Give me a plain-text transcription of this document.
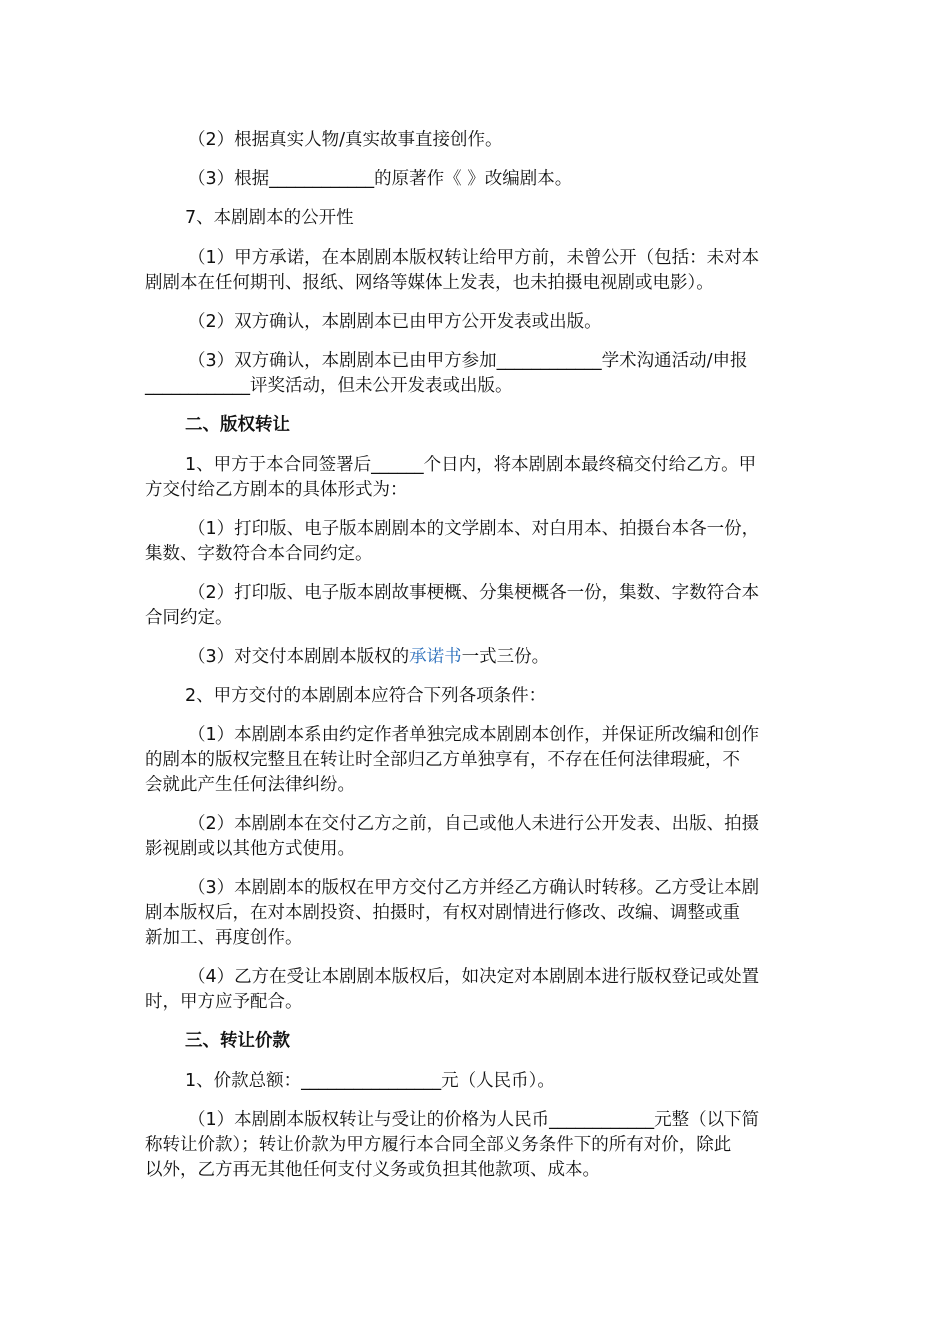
（2）根据真实人物/真实故事直接创作。
（3）根据____________的原著作《 》改编剧本。
7、本剧剧本的公开性
（1）甲方承诺，在本剧剧本版权转让给甲方前，未曾公开（包括：未对本
剧剧本在任何期刊、报纸、网络等媒体上发表，也未拍摄电视剧或电影）。
（2）双方确认，本剧剧本已由甲方公开发表或出版。
（3）双方确认，本剧剧本已由甲方参加____________学术沟通活动/申报
____________评奖活动，但未公开发表或出版。
二、版权转让
1、甲方于本合同签署后______个日内，将本剧剧本最终稿交付给乙方。甲
方交付给乙方剧本的具体形式为：
（1）打印版、电子版本剧剧本的文学剧本、对白用本、拍摄台本各一份，
集数、字数符合本合同约定。
（2）打印版、电子版本剧故事梗概、分集梗概各一份，集数、字数符合本
合同约定。
（3）对交付本剧剧本版权的承诺书一式三份。
2、甲方交付的本剧剧本应符合下列各项条件：
（1）本剧剧本系由约定作者单独完成本剧剧本创作，并保证所改编和创作
的剧本的版权完整且在转让时全部归乙方单独享有，不存在任何法律瑕疵，不
会就此产生任何法律纠纷。
（2）本剧剧本在交付乙方之前，自己或他人未进行公开发表、出版、拍摄
影视剧或以其他方式使用。
（3）本剧剧本的版权在甲方交付乙方并经乙方确认时转移。乙方受让本剧
剧本版权后，在对本剧投资、拍摄时，有权对剧情进行修改、改编、调整或重
新加工、再度创作。
（4）乙方在受让本剧剧本版权后，如决定对本剧剧本进行版权登记或处置
时，甲方应予配合。
三、转让价款
1、价款总额：________________元（人民币）。
（1）本剧剧本版权转让与受让的价格为人民币____________元整（以下简
称转让价款）；转让价款为甲方履行本合同全部义务条件下的所有对价，除此
以外，乙方再无其他任何支付义务或负担其他款项、成本。
